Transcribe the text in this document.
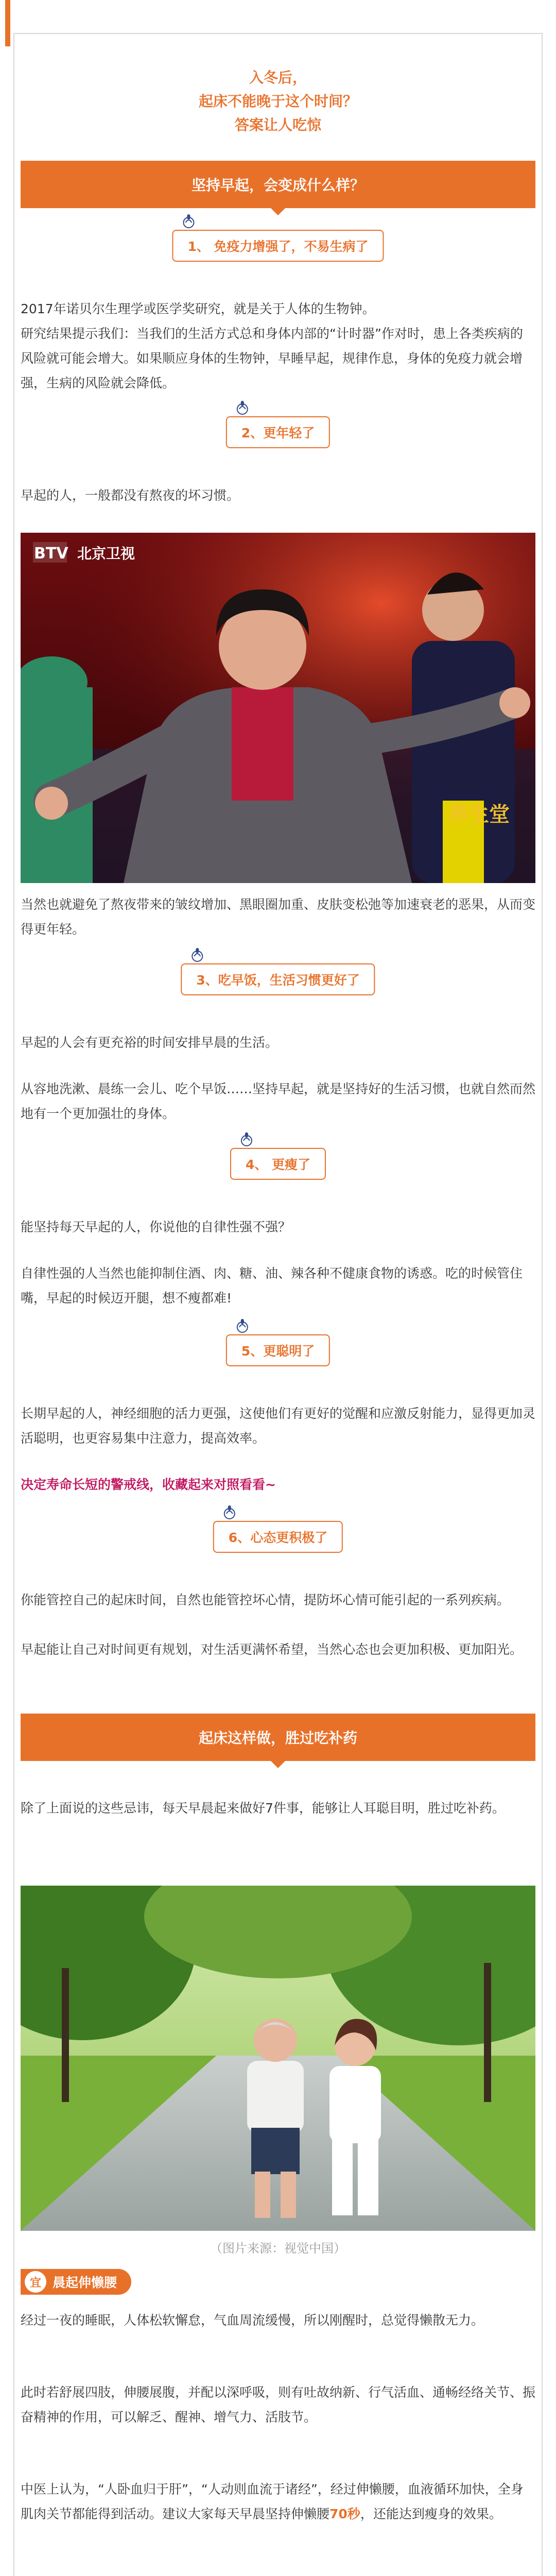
入冬后，
起床不能晚于这个时间？
答案让人吃惊
坚持早起，会变成什么样？
1、 免疫力增强了，不易生病了
2017年诺贝尔生理学或医学奖研究，就是关于人体的生物钟。
研究结果提示我们：当我们的生活方式总和身体内部的“计时器”作对时，患上各类疾病的风险就可能会增大。如果顺应身体的生物钟，早睡早起，规律作息，身体的免疫力就会增强，生病的风险就会降低。
2、更年轻了
早起的人，一般都没有熬夜的坏习惯。
BTV 北京卫视
养生堂
当然也就避免了熬夜带来的皱纹增加、黑眼圈加重、皮肤变松弛等加速衰老的恶果，从而变得更年轻。
3、吃早饭，生活习惯更好了
早起的人会有更充裕的时间安排早晨的生活。
从容地洗漱、晨练一会儿、吃个早饭……坚持早起，就是坚持好的生活习惯，也就自然而然地有一个更加强壮的身体。
4、 更瘦了
能坚持每天早起的人，你说他的自律性强不强？
自律性强的人当然也能抑制住酒、肉、糖、油、辣各种不健康食物的诱惑。吃的时候管住嘴，早起的时候迈开腿，想不瘦都难!
5、更聪明了
长期早起的人，神经细胞的活力更强，这使他们有更好的觉醒和应激反射能力，显得更加灵活聪明，也更容易集中注意力，提高效率。
决定寿命长短的警戒线，收藏起来对照看看~
6、心态更积极了
你能管控自己的起床时间，自然也能管控坏心情，提防坏心情可能引起的一系列疾病。
早起能让自己对时间更有规划，对生活更满怀希望，当然心态也会更加积极、更加阳光。
起床这样做，胜过吃补药
除了上面说的这些忌讳，每天早晨起来做好7件事，能够让人耳聪目明，胜过吃补药。
（图片来源：视觉中国）
宜 晨起伸懒腰
经过一夜的睡眠，人体松软懈怠，气血周流缓慢，所以刚醒时，总觉得懒散无力。
此时若舒展四肢，伸腰展腹，并配以深呼吸，则有吐故纳新、行气活血、通畅经络关节、振奋精神的作用，可以解乏、醒神、增气力、活肢节。
中医上认为，“人卧血归于肝”，“人动则血流于诸经”，经过伸懒腰，血液循环加快，全身肌肉关节都能得到活动。建议大家每天早晨坚持伸懒腰70秒，还能达到瘦身的效果。
